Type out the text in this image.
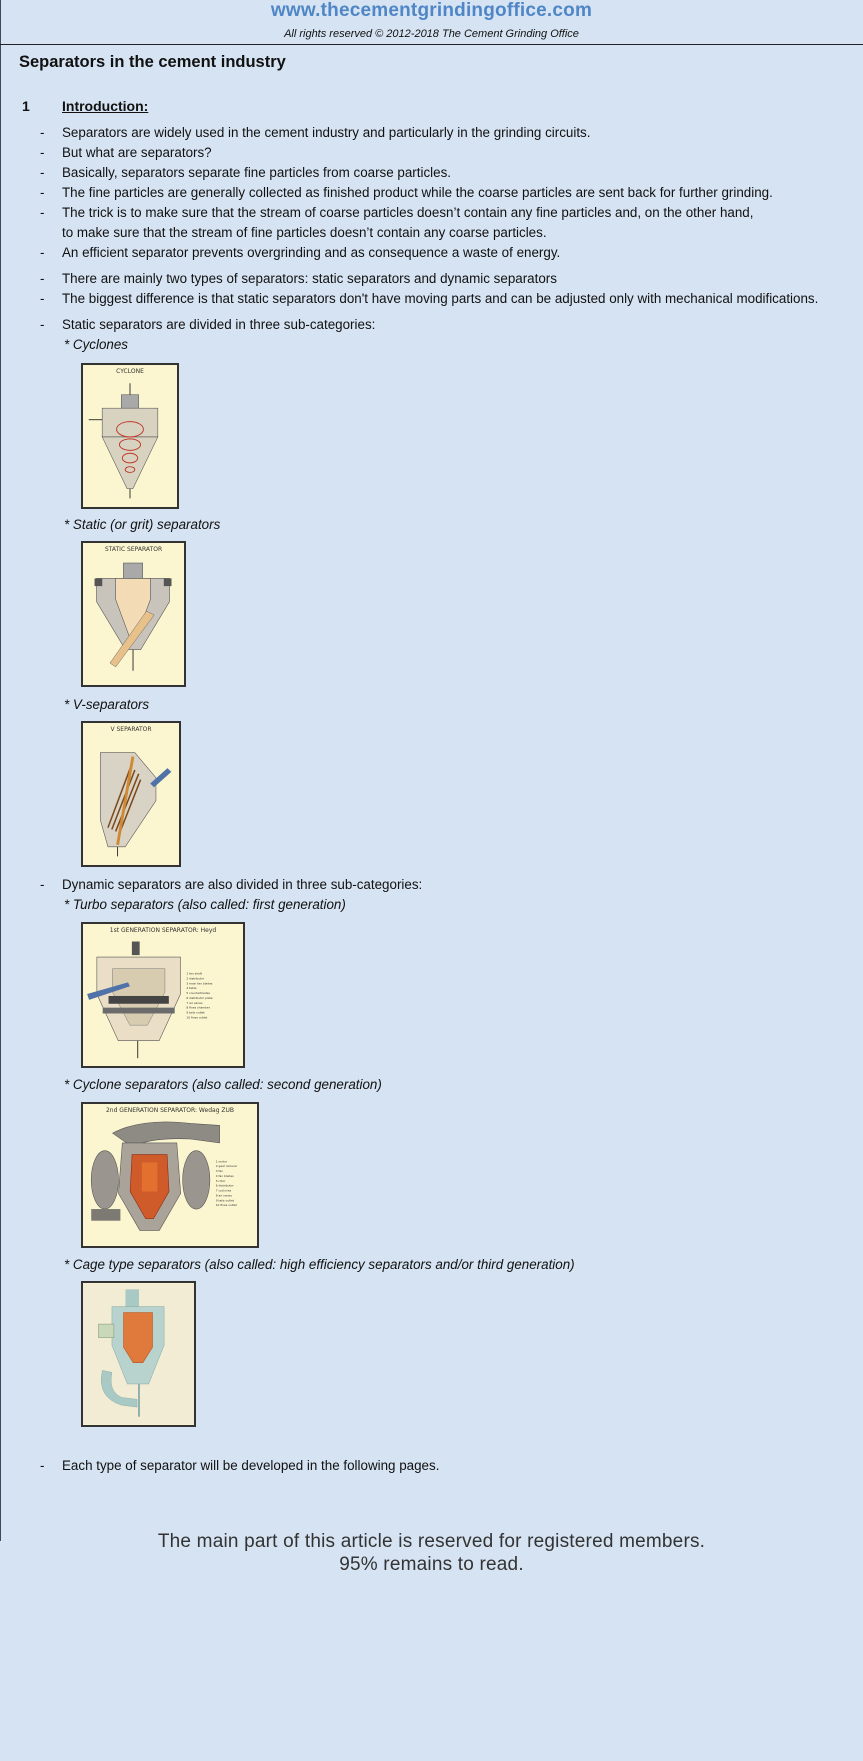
www.thecementgrindingoffice.com
All rights reserved © 2012-2018 The Cement Grinding Office
Separators in the cement industry
1 Introduction:
- Separators are widely used in the cement industry and particularly in the grinding circuits.
- But what are separators?
- Basically, separators separate fine particles from coarse particles.
- The fine particles are generally collected as finished product while the coarse particles are sent back for further grinding.
- The trick is to make sure that the stream of coarse particles doesn’t contain any fine particles and, on the other hand,
to make sure that the stream of fine particles doesn’t contain any coarse particles.
- An efficient separator prevents overgrinding and as consequence a waste of energy.
- There are mainly two types of separators: static separators and dynamic separators
- The biggest difference is that static separators don't have moving parts and can be adjusted only with mechanical modifications.
- Static separators are divided in three sub-categories:
* Cyclones
CYCLONE
* Static (or grit) separators
STATIC SEPARATOR
* V-separators
V SEPARATOR
- Dynamic separators are also divided in three sub-categories:
* Turbo separators (also called: first generation)
1st GENERATION SEPARATOR: Heyd
1 fan shaft
2 distributor
3 main fan blades
4 table
5 counterblades
6 distributor plate
7 air vanes
8 fines chamber
9 tails outlet
10 fines outlet
* Cyclone separators (also called: second generation)
2nd GENERATION SEPARATOR: Wedag ZUB
1 motor
2 gear reducer
3 fan
4 fan blades
5 rotor
6 distributor
7 cyclones
8 air vanes
9 tails outlet
10 fines outlet
* Cage type separators (also called: high efficiency separators and/or third generation)
- Each type of separator will be developed in the following pages.
The main part of this article is reserved for registered members.
95% remains to read.
